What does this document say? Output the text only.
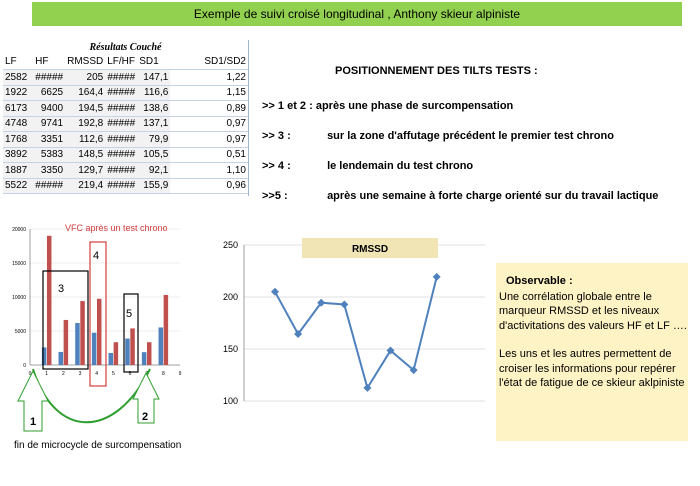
Exemple de suivi croisé longitudinal , Anthony skieur alpiniste
Résultats Couché						
LF	HF	RMSSD	LF/HF	SD1		SD1/SD2
2582	#####	205	#####	147,1		1,22
1922	6625	164,4	#####	116,6		1,15
6173	9400	194,5	#####	138,6		0,89
4748	9741	192,8	#####	137,1		0,97
1768	3351	112,6	#####	79,9		0,97
3892	5383	148,5	#####	105,5		0,51
1887	3350	129,7	#####	92,1		1,10
5522	#####	219,4	#####	155,9		0,96
POSITIONNEMENT DES TILTS TESTS :
>> 1 et 2 : après une phase de surcompensation
>> 3 :	sur la zone d'affutage précédent le premier test chrono
>> 4 :	le lendemain du test chrono
>>5 :	après une semaine à forte charge orienté sur du travail lactique
0
5000
10000
15000
20000
0	1	2	3	4	5	6	8	9
VFC après un test chrono
3
4
5
1	2
100
150
200
250	RMSSD
Observable :
Une corrélation globale entre le marqueur RMSSD et les niveaux d'activitations des valeurs HF et LF ….
Les uns et les autres permettent de croiser les informations pour repérer l'état de fatigue de ce skieur aklpiniste
fin de microcycle de surcompensation
